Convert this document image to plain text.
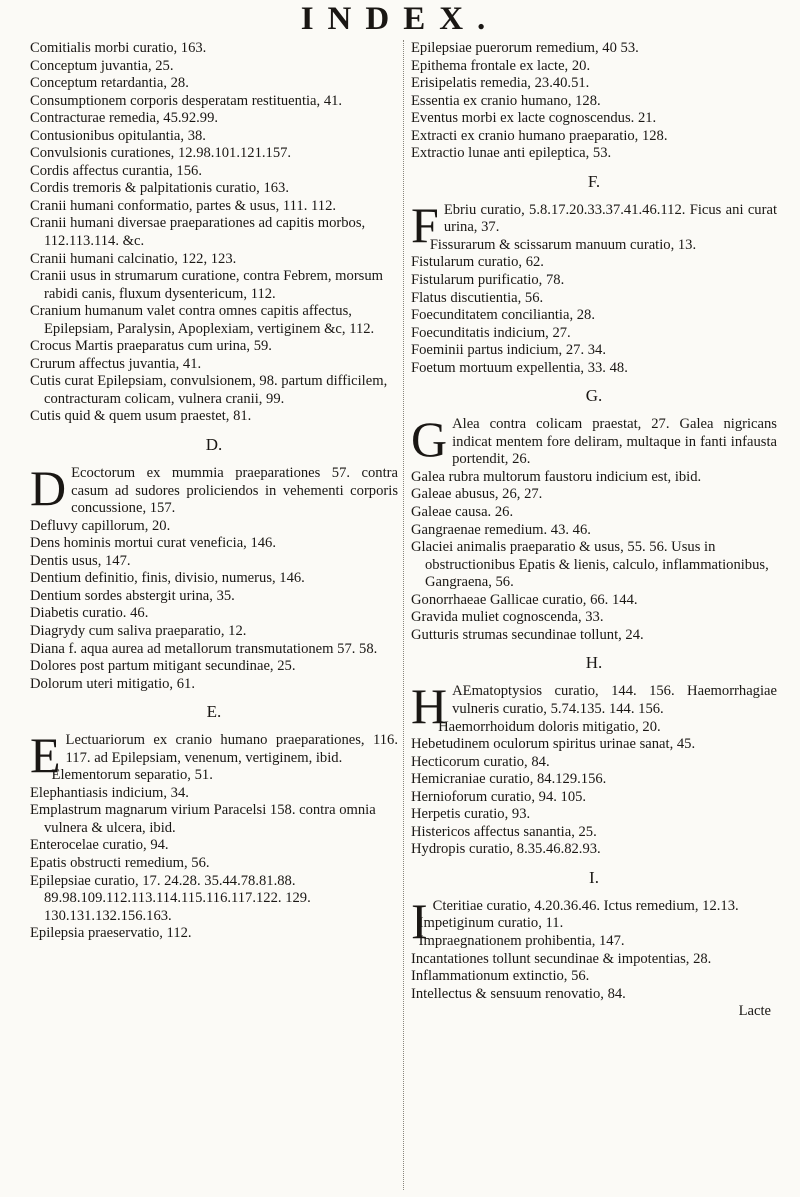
INDEX.
Comitialis morbi curatio, 163.
Conceptum juvantia, 25.
Conceptum retardantia, 28.
Consumptionem corporis desperatam restituentia, 41.
Contracturae remedia, 45.92.99.
Contusionibus opitulantia, 38.
Convulsionis curationes, 12.98.101.121.157.
Cordis affectus curantia, 156.
Cordis tremoris & palpitationis curatio, 163.
Cranii humani conformatio, partes & usus, 111. 112.
Cranii humani diversae praeparationes ad capitis morbos, 112.113.114. &c.
Cranii humani calcinatio, 122, 123.
Cranii usus in strumarum curatione, contra Febrem, morsum rabidi canis, fluxum dysentericum, 112.
Cranium humanum valet contra omnes capitis affectus, Epilepsiam, Paralysin, Apoplexiam, vertiginem &c, 112.
Crocus Martis praeparatus cum urina, 59.
Crurum affectus juvantia, 41.
Cutis curat Epilepsiam, convulsionem, 98. partum difficilem, contracturam colicam, vulnera cranii, 99.
Cutis quid & quem usum praestet, 81.
D.
D Ecoctorum ex mummia praeparationes 57. contra casum ad sudores proliciendos in vehementi corporis concussione, 157.
Defluvy capillorum, 20.
Dens hominis mortui curat veneficia, 146.
Dentis usus, 147.
Dentium definitio, finis, divisio, numerus, 146.
Dentium sordes abstergit urina, 35.
Diabetis curatio. 46.
Diagrydy cum saliva praeparatio, 12.
Diana f. aqua aurea ad metallorum transmutationem 57. 58.
Dolores post partum mitigant secundinae, 25.
Dolorum uteri mitigatio, 61.
E.
E Lectuariorum ex cranio humano praeparationes, 116. 117. ad Epilepsiam, venenum, vertiginem, ibid.
Elementorum separatio, 51.
Elephantiasis indicium, 34.
Emplastrum magnarum virium Paracelsi 158. contra omnia vulnera & ulcera, ibid.
Enterocelae curatio, 94.
Epatis obstructi remedium, 56.
Epilepsiae curatio, 17. 24.28. 35.44.78.81.88. 89.98.109.112.113.114.115.116.117.122. 129. 130.131.132.156.163.
Epilepsia praeservatio, 112.
Epilepsiae puerorum remedium, 40 53.
Epithema frontale ex lacte, 20.
Erisipelatis remedia, 23.40.51.
Essentia ex cranio humano, 128.
Eventus morbi ex lacte cognoscendus. 21.
Extracti ex cranio humano praeparatio, 128.
Extractio lunae anti epileptica, 53.
F.
F Ebriu curatio, 5.8.17.20.33.37.41.46.112. Ficus ani curat urina, 37.
Fissurarum & scissarum manuum curatio, 13.
Fistularum curatio, 62.
Fistularum purificatio, 78.
Flatus discutientia, 56.
Foecunditatem conciliantia, 28.
Foecunditatis indicium, 27.
Foeminii partus indicium, 27. 34.
Foetum mortuum expellentia, 33. 48.
G.
G Alea contra colicam praestat, 27. Galea nigricans indicat mentem fore deliram, multaque in fanti infausta portendit, 26.
Galea rubra multorum faustoru indicium est, ibid.
Galeae abusus, 26, 27.
Galeae causa. 26.
Gangraenae remedium. 43. 46.
Glaciei animalis praeparatio & usus, 55. 56. Usus in obstructionibus Epatis & lienis, calculo, inflammationibus, Gangraena, 56.
Gonorrhaeae Gallicae curatio, 66. 144.
Gravida muliet cognoscenda, 33.
Gutturis strumas secundinae tollunt, 24.
H.
H AEmatoptysios curatio, 144. 156. Haemorrhagiae vulneris curatio, 5.74.135. 144. 156.
Haemorrhoidum doloris mitigatio, 20.
Hebetudinem oculorum spiritus urinae sanat, 45.
Hecticorum curatio, 84.
Hemicraniae curatio, 84.129.156.
Hernioforum curatio, 94. 105.
Herpetis curatio, 93.
Histericos affectus sanantia, 25.
Hydropis curatio, 8.35.46.82.93.
I.
I Cteritiae curatio, 4.20.36.46. Ictus remedium, 12.13.
Impetiginum curatio, 11.
Impraegnationem prohibentia, 147.
Incantationes tollunt secundinae & impotentias, 28.
Inflammationum extinctio, 56.
Intellectus & sensuum renovatio, 84.
Lacte
